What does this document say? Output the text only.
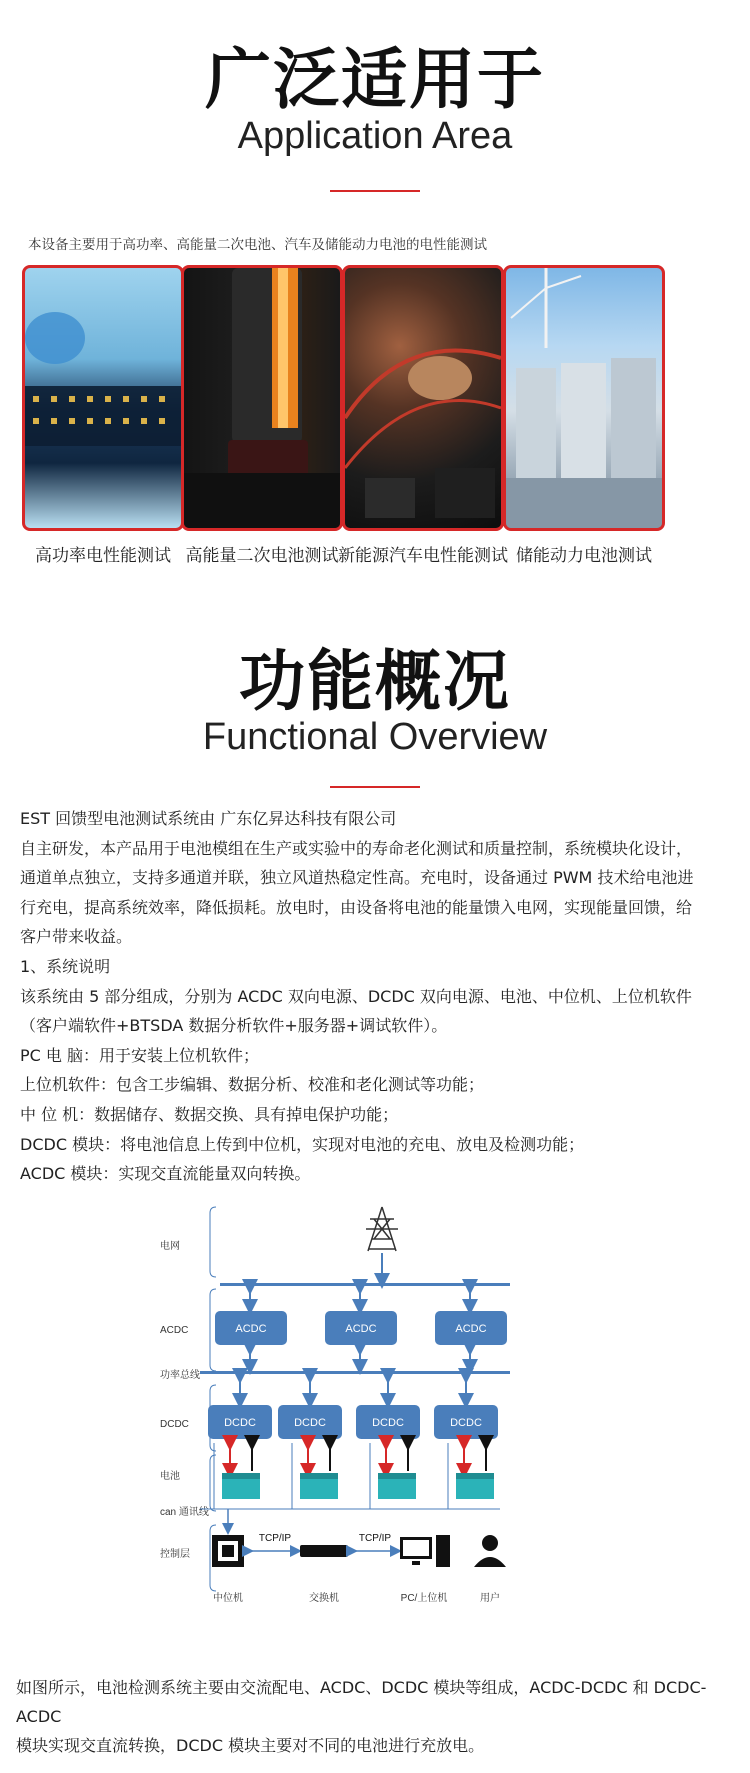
广泛适用于
Application Area
本设备主要用于高功率、高能量二次电池、汽车及储能动力电池的电性能测试
高功率电性能测试 高能量二次电池测试 新能源汽车电性能测试 储能动力电池测试
功能概况
Functional Overview

EST 回馈型电池测试系统由 广东亿昇达科技有限公司

自主研发，本产品用于电池模组在生产或实验中的寿命老化测试和质量控制，系统模块化设计，

通道单点独立，支持多通道并联，独立风道热稳定性高。充电时，设备通过 PWM 技术给电池进

行充电，提高系统效率，降低损耗。放电时，由设备将电池的能量馈入电网，实现能量回馈，给

客户带来收益。

1、系统说明

该系统由 5 部分组成，分别为 ACDC 双向电源、DCDC 双向电源、电池、中位机、上位机软件

（客户端软件+BTSDA 数据分析软件+服务器+调试软件）。

PC 电 脑：用于安装上位机软件；

上位机软件：包含工步编辑、数据分析、校准和老化测试等功能；

中 位 机：数据储存、数据交换、具有掉电保护功能；

DCDC 模块：将电池信息上传到中位机，实现对电池的充电、放电及检测功能；

ACDC 模块：实现交直流能量双向转换。

电网
ACDC
功率总线
DCDC
电池
can 通讯线
控制层
ACDC	ACDC	ACDC
DCDC	DCDC	DCDC	DCDC
TCP/IP	TCP/IP
中位机	交换机	PC/上位机	用户

如图所示，电池检测系统主要由交流配电、ACDC、DCDC 模块等组成，ACDC-DCDC 和 DCDC-

ACDC

模块实现交直流转换，DCDC 模块主要对不同的电池进行充放电。
